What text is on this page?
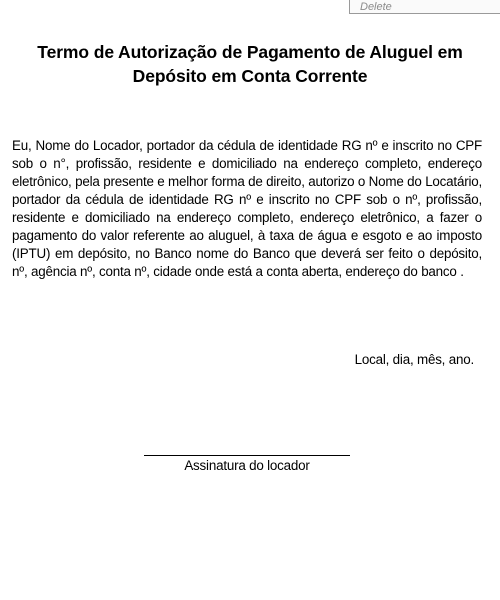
Delete
Termo de Autorização de Pagamento de Aluguel em
Depósito em Conta Corrente
Eu, Nome do Locador, portador da cédula de identidade RG nº e inscrito no CPF sob o n°, profissão, residente e domiciliado na endereço completo, endereço eletrônico, pela presente e melhor forma de direito, autorizo o Nome do Locatário, portador da cédula de identidade RG nº e inscrito no CPF sob o nº, profissão, residente e domiciliado na endereço completo, endereço eletrônico, a fazer o pagamento do valor referente ao aluguel, à taxa de água e esgoto e ao imposto (IPTU) em depósito, no Banco nome do Banco que deverá ser feito o depósito, nº, agência nº, conta nº, cidade onde está a conta aberta, endereço do banco .
Local, dia, mês, ano.
Assinatura do locador
